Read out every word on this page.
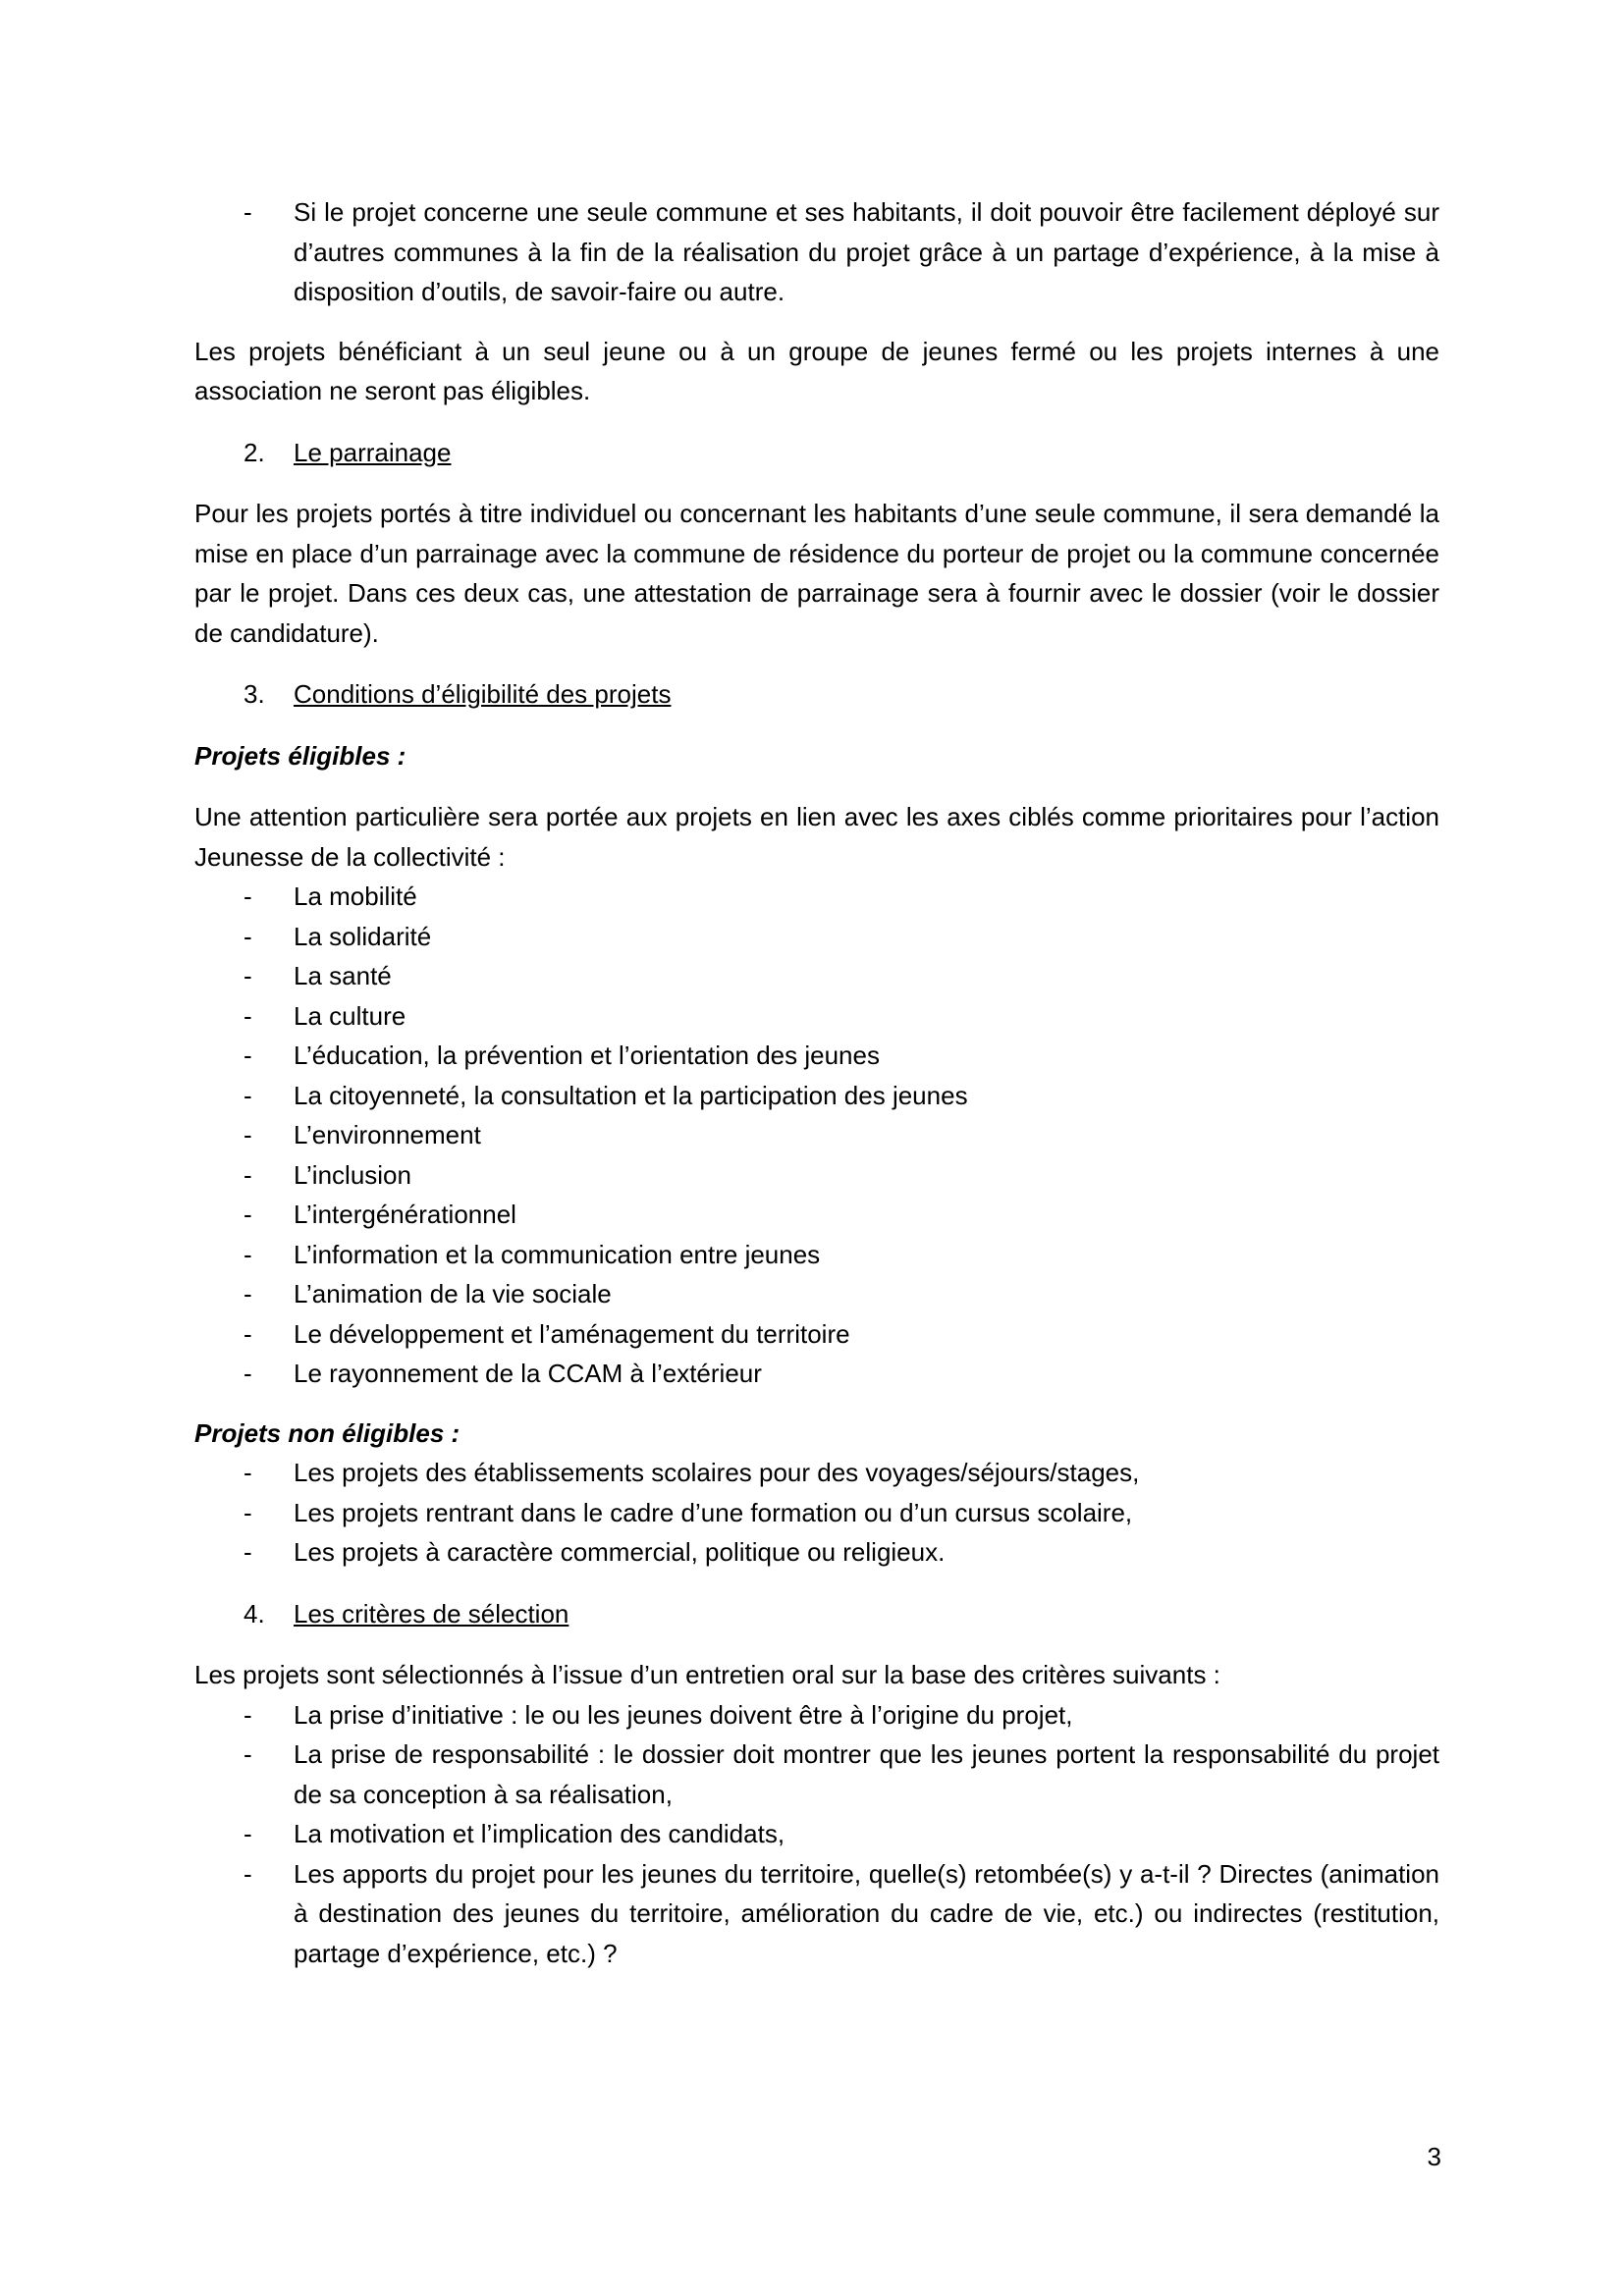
- Si le projet concerne une seule commune et ses habitants, il doit pouvoir être facilement déployé sur d’autres communes à la fin de la réalisation du projet grâce à un partage d’expérience, à la mise à disposition d’outils, de savoir-faire ou autre.

Les projets bénéficiant à un seul jeune ou à un groupe de jeunes fermé ou les projets internes à une association ne seront pas éligibles.

2. Le parrainage

Pour les projets portés à titre individuel ou concernant les habitants d’une seule commune, il sera demandé la mise en place d’un parrainage avec la commune de résidence du porteur de projet ou la commune concernée par le projet. Dans ces deux cas, une attestation de parrainage sera à fournir avec le dossier (voir le dossier de candidature).

3. Conditions d’éligibilité des projets

Projets éligibles :

Une attention particulière sera portée aux projets en lien avec les axes ciblés comme prioritaires pour l’action Jeunesse de la collectivité :

- La mobilité
- La solidarité
- La santé
- La culture
- L’éducation, la prévention et l’orientation des jeunes
- La citoyenneté, la consultation et la participation des jeunes
- L’environnement
- L’inclusion
- L’intergénérationnel
- L’information et la communication entre jeunes
- L’animation de la vie sociale
- Le développement et l’aménagement du territoire
- Le rayonnement de la CCAM à l’extérieur

Projets non éligibles :

- Les projets des établissements scolaires pour des voyages/séjours/stages,
- Les projets rentrant dans le cadre d’une formation ou d’un cursus scolaire,
- Les projets à caractère commercial, politique ou religieux.

4. Les critères de sélection

Les projets sont sélectionnés à l’issue d’un entretien oral sur la base des critères suivants :

- La prise d’initiative : le ou les jeunes doivent être à l’origine du projet,
- La prise de responsabilité : le dossier doit montrer que les jeunes portent la responsabilité du projet de sa conception à sa réalisation,
- La motivation et l’implication des candidats,
- Les apports du projet pour les jeunes du territoire, quelle(s) retombée(s) y a-t-il ? Directes (animation à destination des jeunes du territoire, amélioration du cadre de vie, etc.) ou indirectes (restitution, partage d’expérience, etc.) ?
3
